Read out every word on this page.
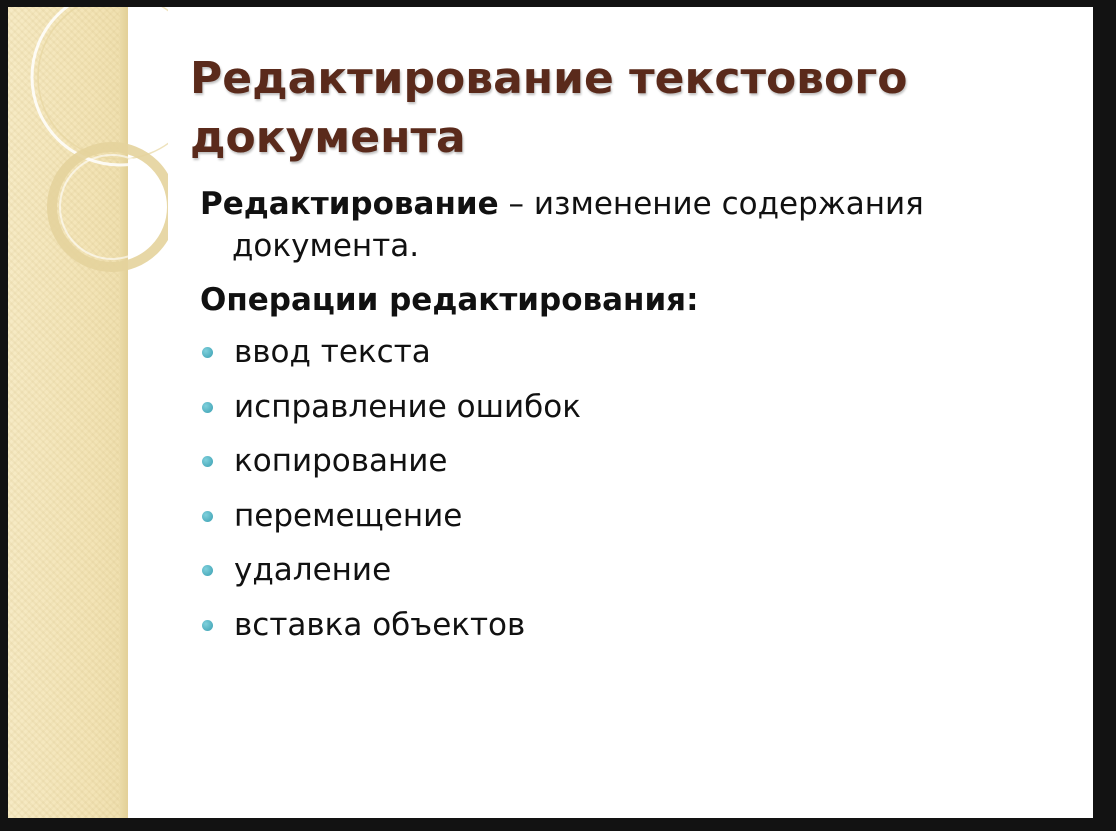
Редактирование текстового документа

Редактирование – изменение содержания
документа.

Операции редактирования:

ввод текста
исправление ошибок
копирование
перемещение
удаление
вставка объектов
